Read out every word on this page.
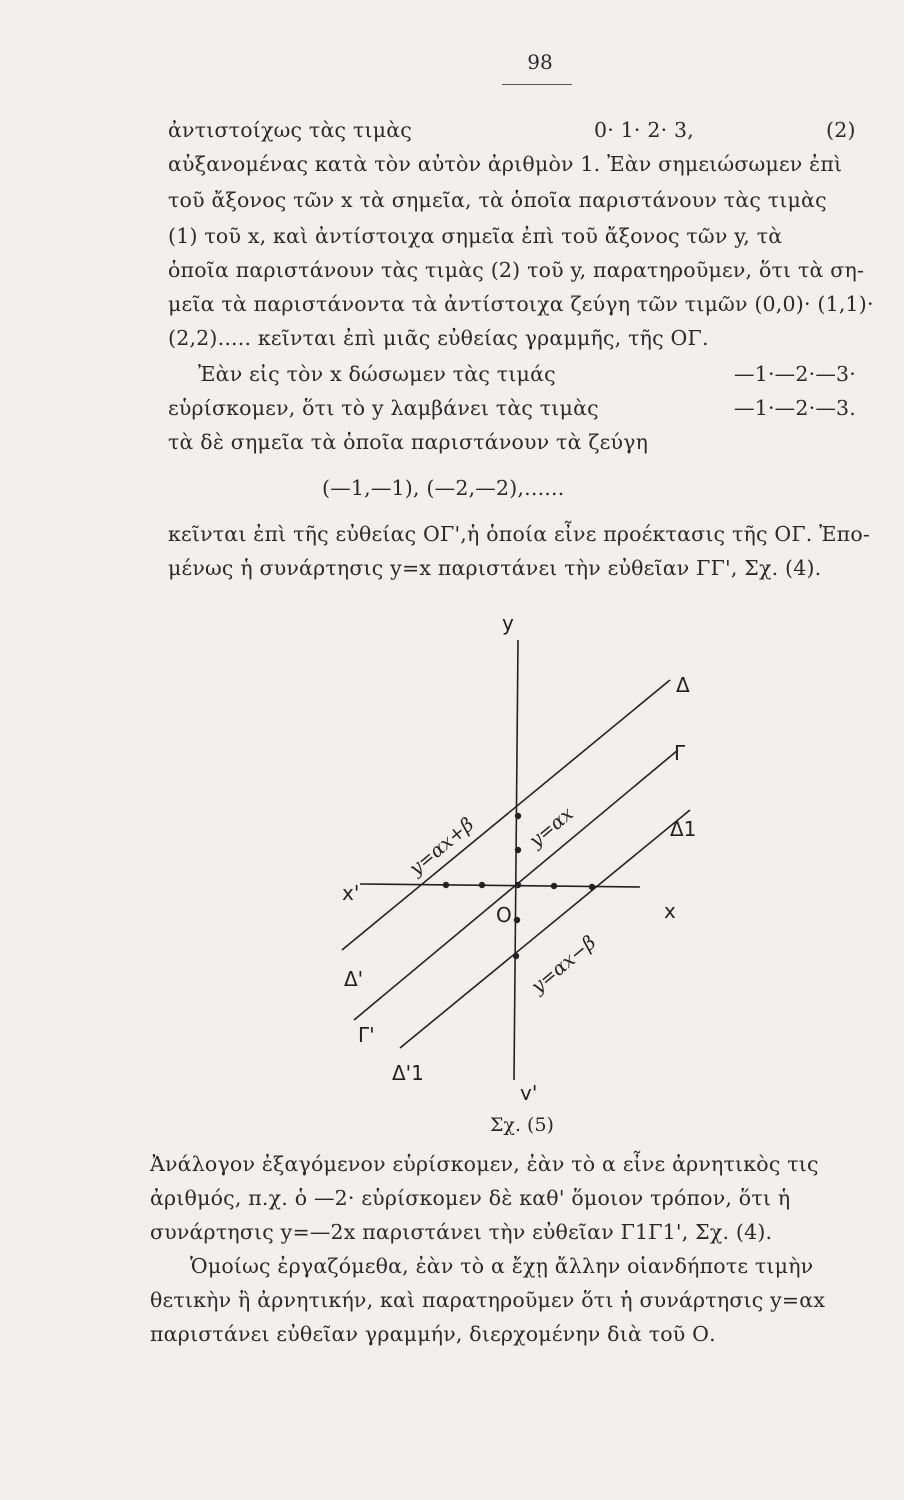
98
ἀντιστοίχως τὰς τιμὰς	0· 1· 2· 3,	(2)
αὐξανομένας κατὰ τὸν αὐτὸν ἀριθμὸν 1. Ἐὰν σημειώσωμεν ἐπὶ
τοῦ ἄξονος τῶν x τὰ σημεῖα, τὰ ὁποῖα παριστάνουν τὰς τιμὰς
(1) τοῦ x, καὶ ἀντίστοιχα σημεῖα ἐπὶ τοῦ ἄξονος τῶν y, τὰ
ὁποῖα παριστάνουν τὰς τιμὰς (2) τοῦ y, παρατηροῦμεν, ὅτι τὰ ση-
μεῖα τὰ παριστάνοντα τὰ ἀντίστοιχα ζεύγη τῶν τιμῶν (0,0)· (1,1)·
(2,2)..... κεῖνται ἐπὶ μιᾶς εὐθείας γραμμῆς, τῆς ΟΓ.
Ἐὰν εἰς τὸν x δώσωμεν τὰς τιμάς	—1·—2·—3·
εὑρίσκομεν, ὅτι τὸ y λαμβάνει τὰς τιμὰς	—1·—2·—3.
τὰ δὲ σημεῖα τὰ ὁποῖα παριστάνουν τὰ ζεύγη
(—1,—1), (—2,—2),......
κεῖνται ἐπὶ τῆς εὐθείας ΟΓ',ἡ ὁποία εἶνε προέκτασις τῆς ΟΓ. Ἑπο-
μένως ἡ συνάρτησις y=x παριστάνει τὴν εὐθεῖαν ΓΓ', Σχ. (4).
y
y'
x
x'
O
Δ
Γ
Δ1
Δ'
Γ'
Δ'1
y=αx+β y=αx
y=αx−β
Σχ. (5)
Ἀνάλογον ἐξαγόμενον εὑρίσκομεν, ἐὰν τὸ α εἶνε ἀρνητικὸς τις
ἀριθμός, π.χ. ὁ —2· εὑρίσκομεν δὲ καθ' ὅμοιον τρόπον, ὅτι ἡ
συνάρτησις y=—2x παριστάνει τὴν εὐθεῖαν Γ1Γ1', Σχ. (4).
Ὁμοίως ἐργαζόμεθα, ἐὰν τὸ α ἔχῃ ἄλλην οἱανδήποτε τιμὴν
θετικὴν ἢ ἀρνητικήν, καὶ παρατηροῦμεν ὅτι ἡ συνάρτησις y=αx
παριστάνει εὐθεῖαν γραμμήν, διερχομένην διὰ τοῦ Ο.
